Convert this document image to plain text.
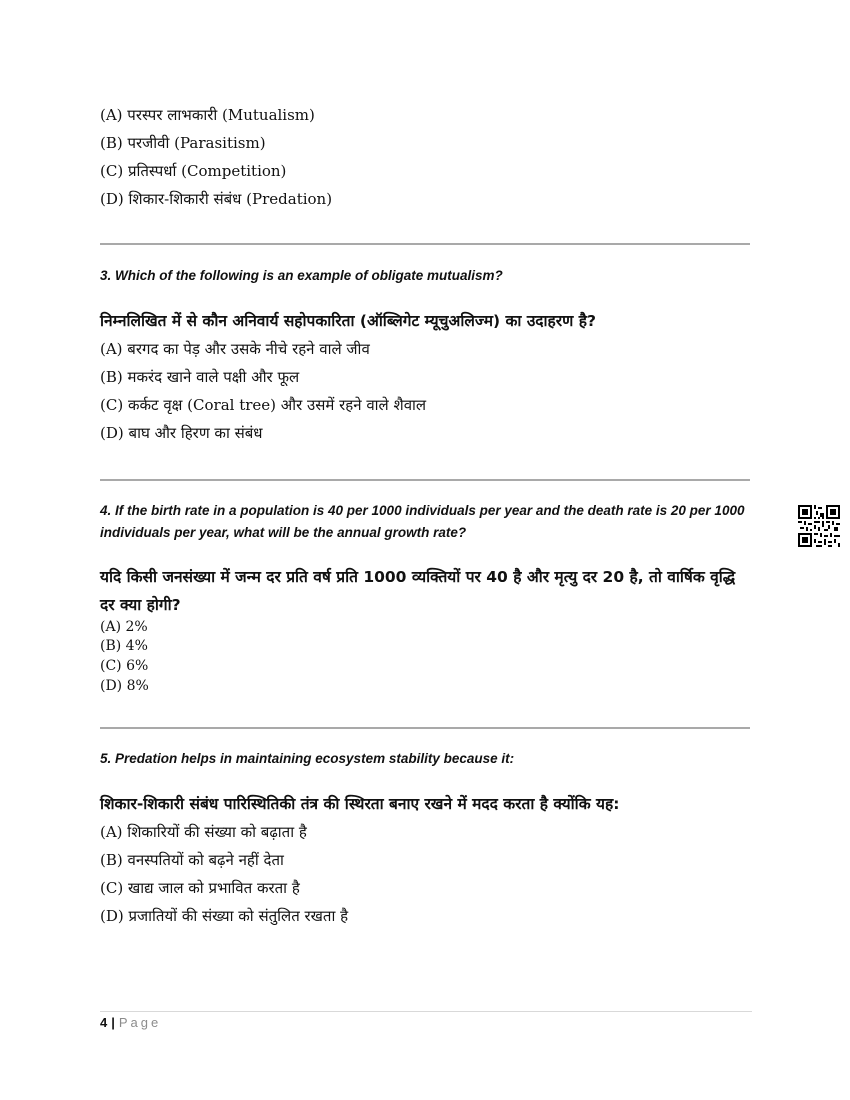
(A) परस्पर लाभकारी (Mutualism)
(B) परजीवी (Parasitism)
(C) प्रतिस्पर्धा (Competition)
(D) शिकार-शिकारी संबंध (Predation)
3. Which of the following is an example of obligate mutualism?
निम्नलिखित में से कौन अनिवार्य सहोपकारिता (ऑब्लिगेट म्यूचुअलिज्म) का उदाहरण है?
(A) बरगद का पेड़ और उसके नीचे रहने वाले जीव
(B) मकरंद खाने वाले पक्षी और फूल
(C) कर्कट वृक्ष (Coral tree) और उसमें रहने वाले शैवाल
(D) बाघ और हिरण का संबंध
4. If the birth rate in a population is 40 per 1000 individuals per year and the death rate is 20 per 1000 individuals per year, what will be the annual growth rate?
यदि किसी जनसंख्या में जन्म दर प्रति वर्ष प्रति 1000 व्यक्तियों पर 40 है और मृत्यु दर 20 है, तो वार्षिक वृद्धि दर क्या होगी?
(A) 2%
(B) 4%
(C) 6%
(D) 8%
5. Predation helps in maintaining ecosystem stability because it:
शिकार-शिकारी संबंध पारिस्थितिकी तंत्र की स्थिरता बनाए रखने में मदद करता है क्योंकि यह:
(A) शिकारियों की संख्या को बढ़ाता है
(B) वनस्पतियों को बढ़ने नहीं देता
(C) खाद्य जाल को प्रभावित करता है
(D) प्रजातियों की संख्या को संतुलित रखता है
4 | Page
